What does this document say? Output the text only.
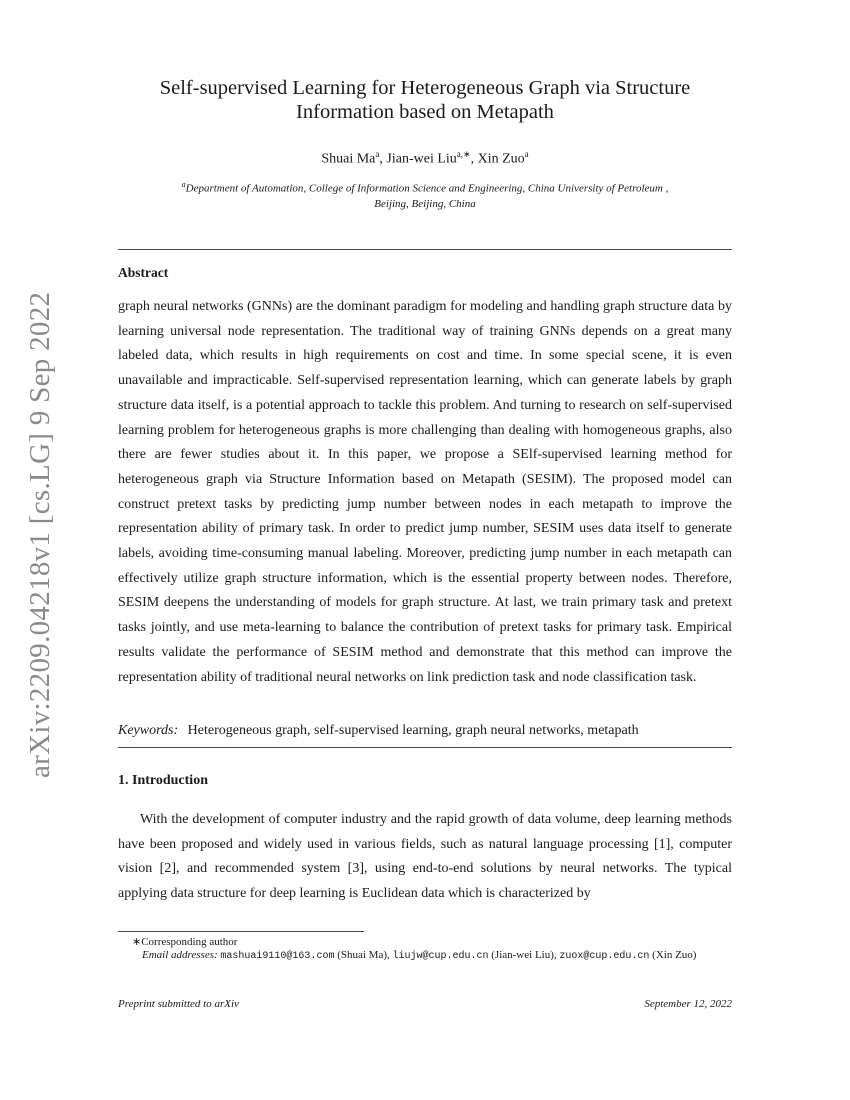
arXiv:2209.04218v1 [cs.LG] 9 Sep 2022
Self-supervised Learning for Heterogeneous Graph via Structure
Information based on Metapath
Shuai Ma$^a$, Jian-wei Liu$^{a,∗}$, Xin Zuo$^a$
$^a$Department of Automation, College of Information Science and Engineering, China University of Petroleum ,
Beijing, Beijing, China
Abstract

graph neural networks (GNNs) are the dominant paradigm for modeling and handling graph structure data by learning universal node representation. The traditional way of training GNNs depends on a great many labeled data, which results in high requirements on cost and time. In some special scene, it is even unavailable and impracticable. Self-supervised representation learning, which can generate labels by graph structure data itself, is a potential approach to tackle this problem. And turning to research on self-supervised learning problem for heterogeneous graphs is more challenging than dealing with homogeneous graphs, also there are fewer studies about it. In this paper, we propose a SElf-supervised learning method for heterogeneous graph via Structure Information based on Metapath (SESIM). The proposed model can construct pretext tasks by predicting jump number between nodes in each metapath to improve the representation ability of primary task. In order to predict jump number, SESIM uses data itself to generate labels, avoiding time-consuming manual labeling. Moreover, predicting jump number in each metapath can effectively utilize graph structure information, which is the essential property between nodes. Therefore, SESIM deepens the understanding of models for graph structure. At last, we train primary task and pretext tasks jointly, and use meta-learning to balance the contribution of pretext tasks for primary task. Empirical results validate the performance of SESIM method and demonstrate that this method can improve the representation ability of traditional neural networks on link prediction task and node classification task.

Keywords: Heterogeneous graph, self-supervised learning, graph neural networks, metapath
1. Introduction

With the development of computer industry and the rapid growth of data volume, deep learning methods have been proposed and widely used in various fields, such as natural language processing [1], computer vision [2], and recommended system [3], using end-to-end solutions by neural networks. The typical applying data structure for deep learning is Euclidean data which is characterized by

∗Corresponding author
Email addresses: mashuai9110@163.com (Shuai Ma), liujw@cup.edu.cn (Jian-wei Liu), zuox@cup.edu.cn (Xin Zuo)
Preprint submitted to arXiv	September 12, 2022
